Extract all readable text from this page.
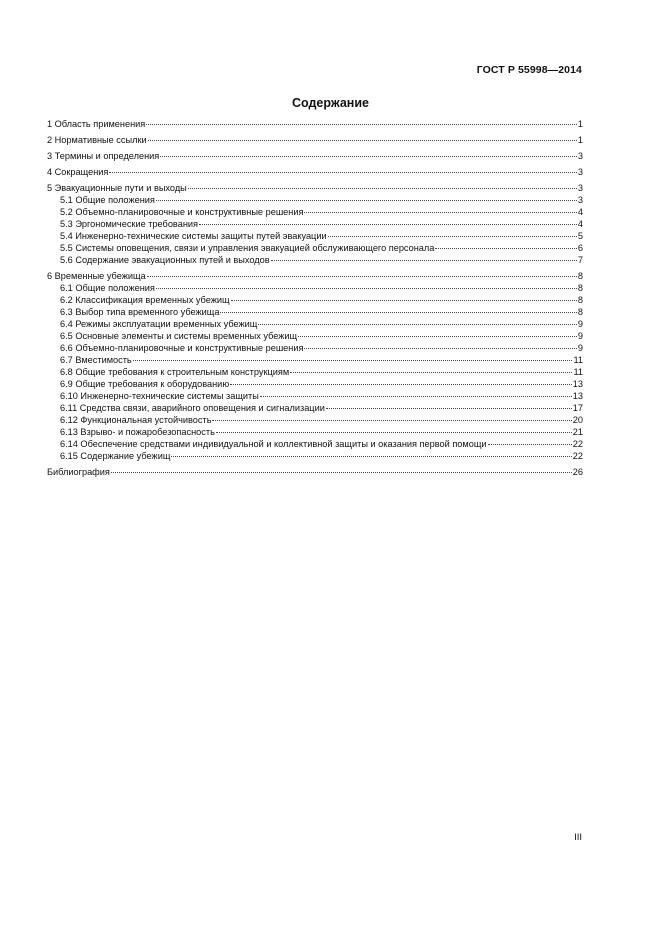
ГОСТ Р 55998—2014
Содержание
1 Область применения	1
2 Нормативные ссылки	1
3 Термины и определения	3
4 Сокращения	3
5 Эвакуационные пути и выходы	3
5.1 Общие положения	3
5.2 Объемно-планировочные и конструктивные решения	4
5.3 Эргономические требования	4
5.4 Инженерно-технические системы защиты путей эвакуации	5
5.5 Системы оповещения, связи и управления эвакуацией обслуживающего персонала	6
5.6 Содержание эвакуационных путей и выходов	7
6 Временные убежища	8
6.1 Общие положения	8
6.2 Классификация временных убежищ	8
6.3 Выбор типа временного убежища	8
6.4 Режимы эксплуатации временных убежищ	9
6.5 Основные элементы и системы временных убежищ	9
6.6 Объемно-планировочные и конструктивные решения	9
6.7 Вместимость	11
6.8 Общие требования к строительным конструкциям	11
6.9 Общие требования к оборудованию	13
6.10 Инженерно-технические системы защиты	13
6.11 Средства связи, аварийного оповещения и сигнализации	17
6.12 Функциональная устойчивость	20
6.13 Взрыво- и пожаробезопасность	21
6.14 Обеспечение средствами индивидуальной и коллективной защиты и оказания первой помощи	22
6.15 Содержание убежищ	22
Библиография	26
III
